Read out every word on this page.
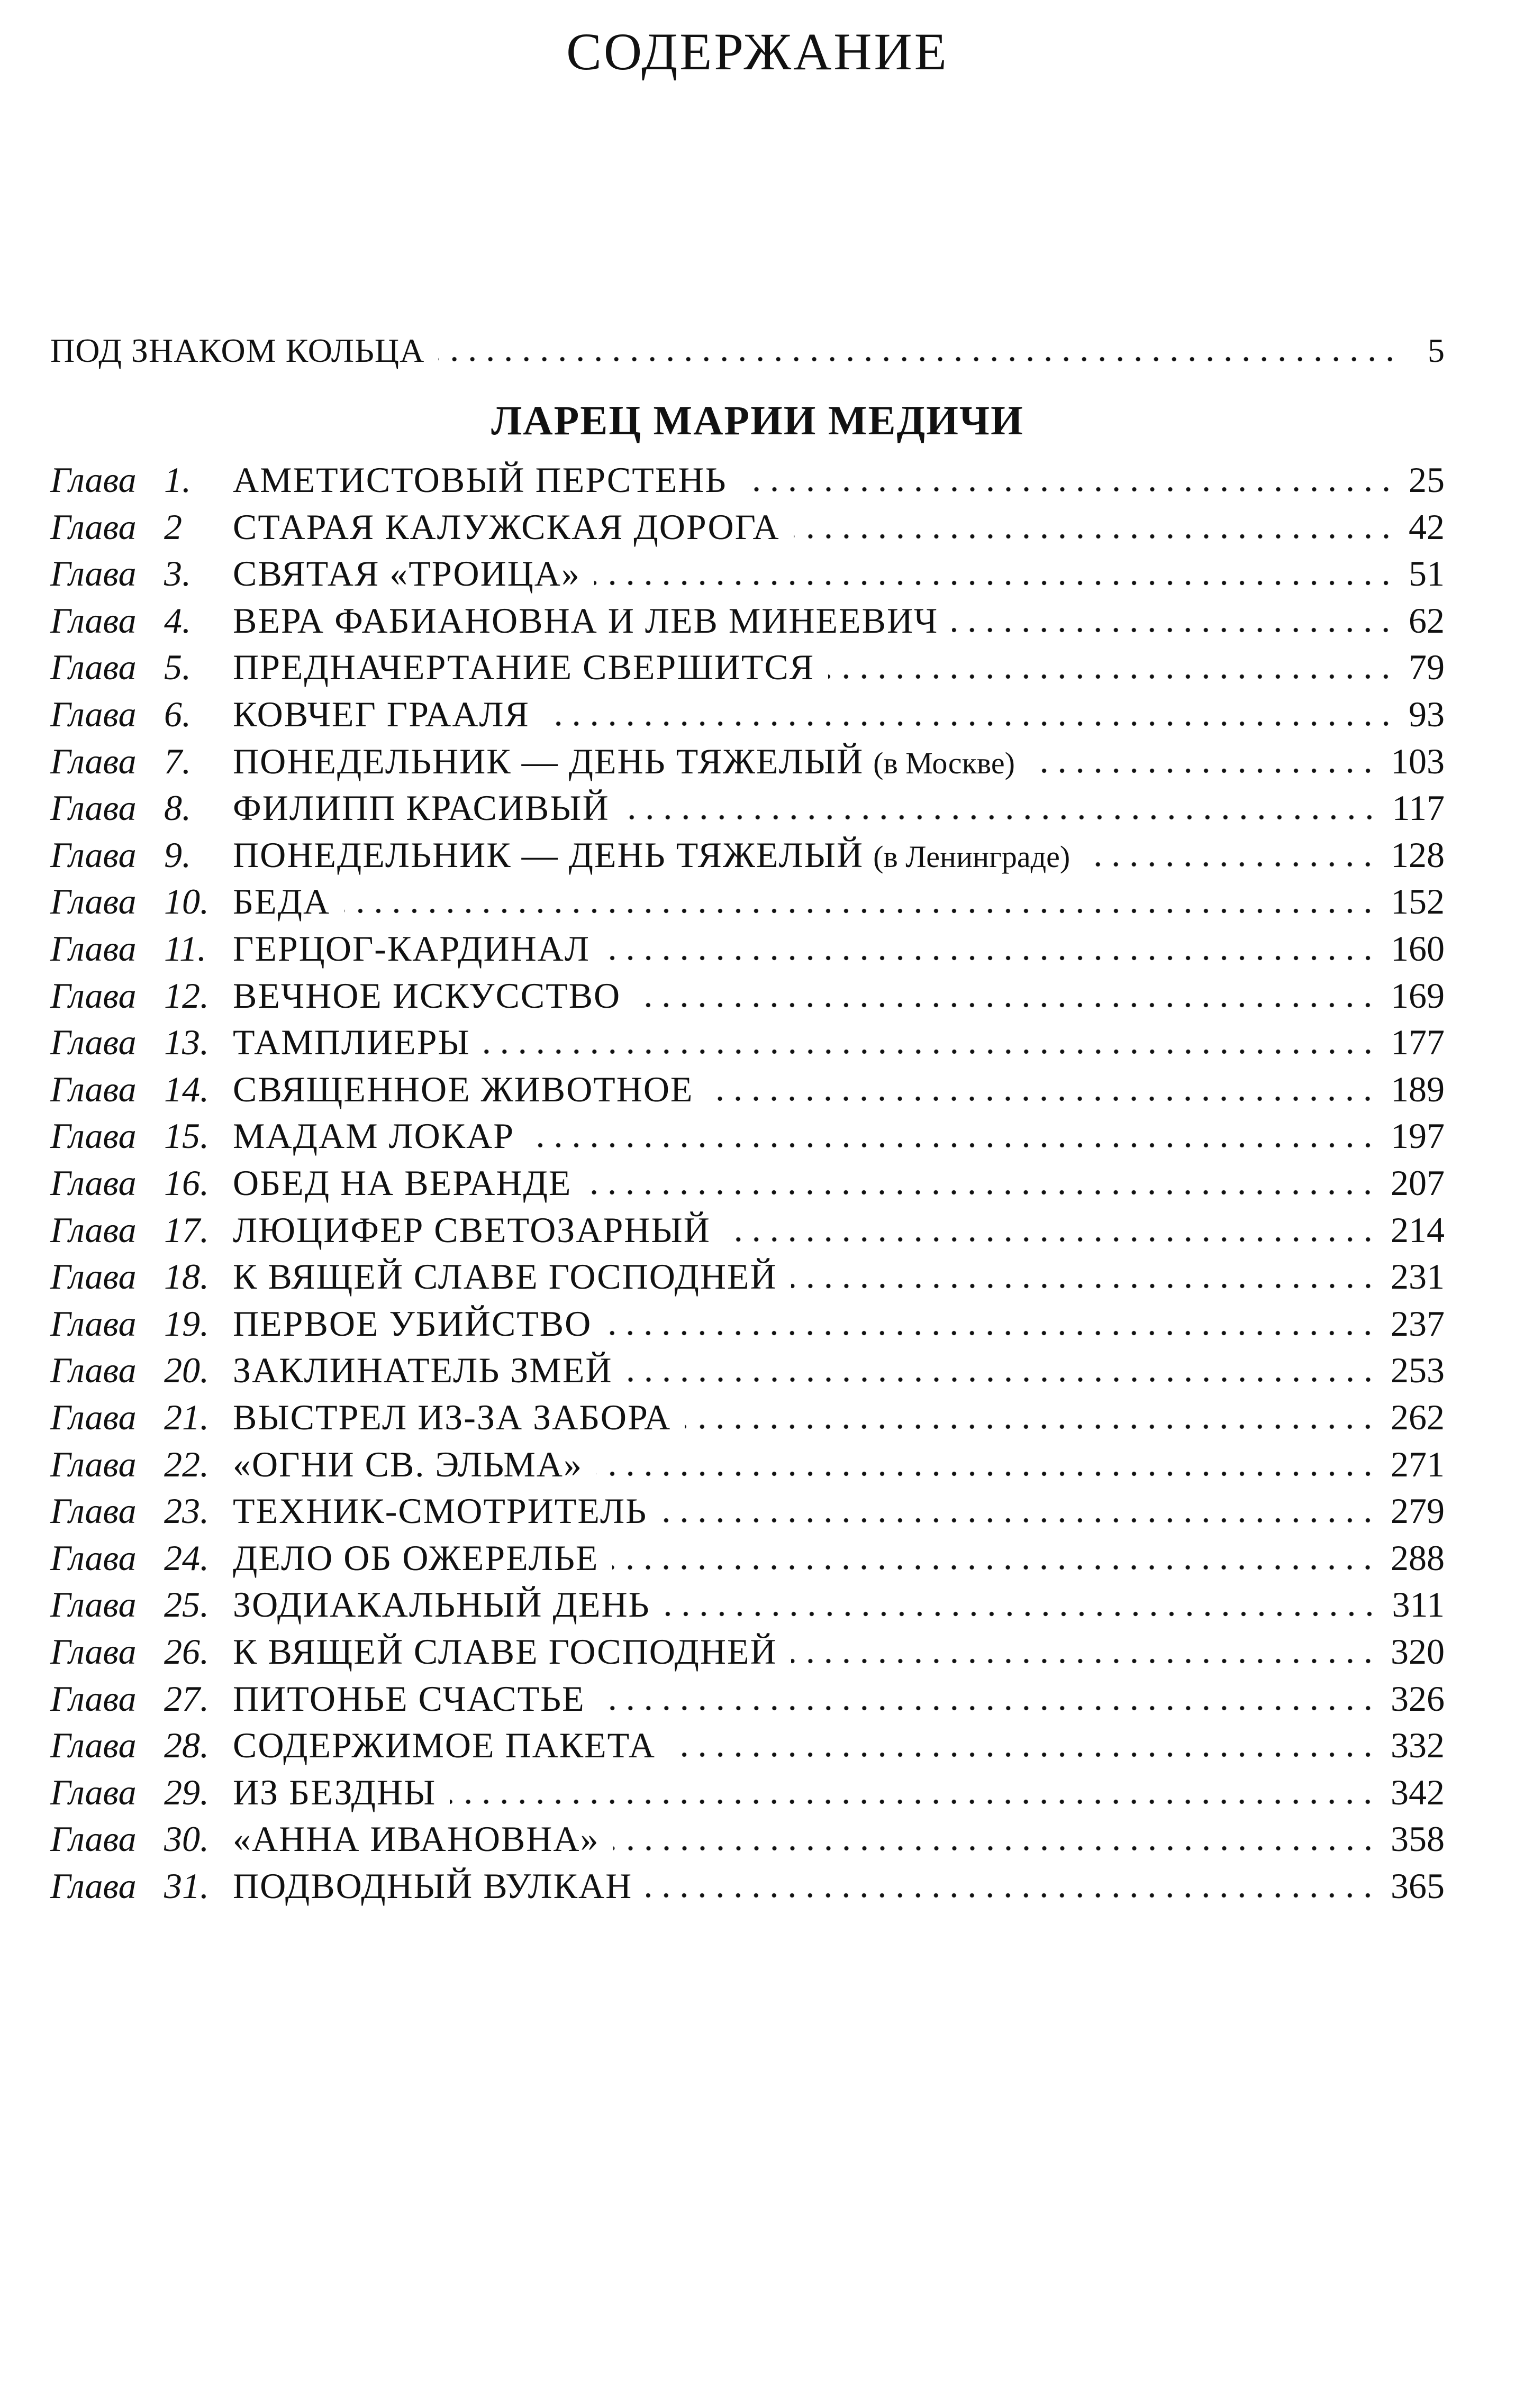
СОДЕРЖАНИЕ
ПОД ЗНАКОМ КОЛЬЦА	5
ЛАРЕЦ МАРИИ МЕДИЧИ
Глава 1.	АМЕТИСТОВЫЙ ПЕРСТЕНЬ	25
Глава 2	СТАРАЯ КАЛУЖСКАЯ ДОРОГА	42
Глава 3.	СВЯТАЯ «ТРОИЦА»	51
Глава 4.	ВЕРА ФАБИАНОВНА И ЛЕВ МИНЕЕВИЧ	62
Глава 5.	ПРЕДНАЧЕРТАНИЕ СВЕРШИТСЯ	79
Глава 6.	КОВЧЕГ ГРААЛЯ	93
Глава 7.	ПОНЕДЕЛЬНИК — ДЕНЬ ТЯЖЕЛЫЙ (в Москве)	103
Глава 8.	ФИЛИПП КРАСИВЫЙ	117
Глава 9.	ПОНЕДЕЛЬНИК — ДЕНЬ ТЯЖЕЛЫЙ (в Ленинграде)	128
Глава 10. БЕДА	152
Глава 11. ГЕРЦОГ-КАРДИНАЛ	160
Глава 12. ВЕЧНОЕ ИСКУССТВО	169
Глава 13. ТАМПЛИЕРЫ	177
Глава 14. СВЯЩЕННОЕ ЖИВОТНОЕ	189
Глава 15. МАДАМ ЛОКАР	197
Глава 16. ОБЕД НА ВЕРАНДЕ	207
Глава 17. ЛЮЦИФЕР СВЕТОЗАРНЫЙ	214
Глава 18. К ВЯЩЕЙ СЛАВЕ ГОСПОДНЕЙ	231
Глава 19. ПЕРВОЕ УБИЙСТВО	237
Глава 20. ЗАКЛИНАТЕЛЬ ЗМЕЙ	253
Глава 21. ВЫСТРЕЛ ИЗ-ЗА ЗАБОРА	262
Глава 22. «ОГНИ СВ. ЭЛЬМА»	271
Глава 23. ТЕХНИК-СМОТРИТЕЛЬ	279
Глава 24. ДЕЛО ОБ ОЖЕРЕЛЬЕ	288
Глава 25. ЗОДИАКАЛЬНЫЙ ДЕНЬ	311
Глава 26. К ВЯЩЕЙ СЛАВЕ ГОСПОДНЕЙ	320
Глава 27. ПИТОНЬЕ СЧАСТЬЕ	326
Глава 28. СОДЕРЖИМОЕ ПАКЕТА	332
Глава 29. ИЗ БЕЗДНЫ	342
Глава 30. «АННА ИВАНОВНА»	358
Глава 31. ПОДВОДНЫЙ ВУЛКАН	365
